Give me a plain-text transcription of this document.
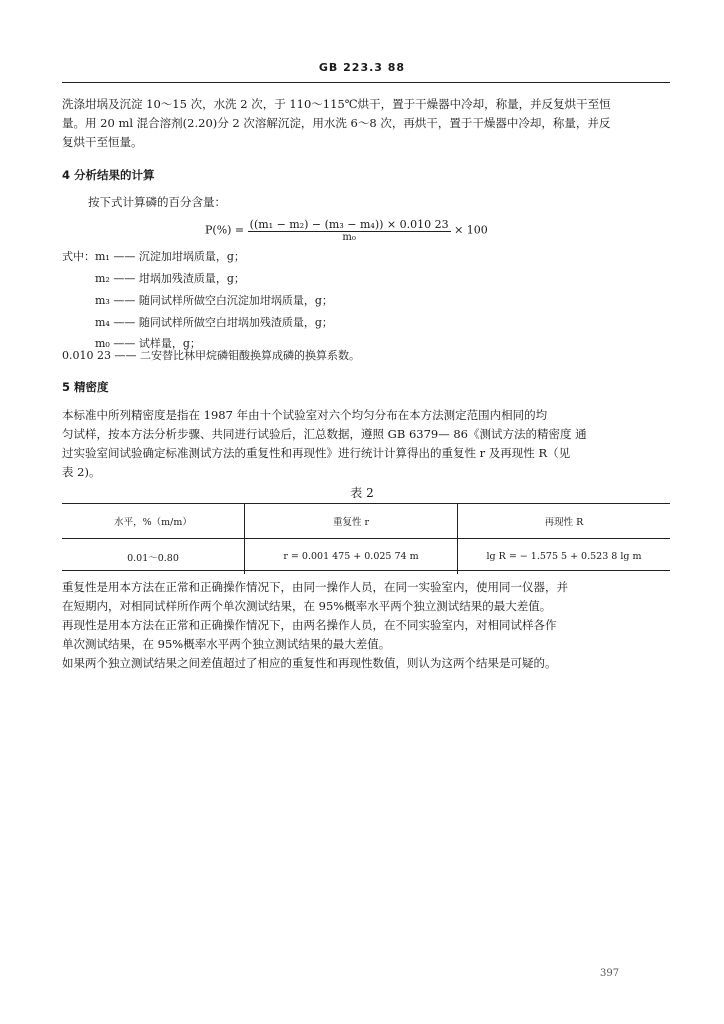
GB 223.3 88
洗涤坩埚及沉淀 10～15 次，水洗 2 次，于 110～115℃烘干，置于干燥器中冷却，称量，并反复烘干至恒
量。用 20 ml 混合溶剂(2.20)分 2 次溶解沉淀，用水洗 6～8 次，再烘干，置于干燥器中冷却，称量，并反
复烘干至恒量。
4 分析结果的计算
按下式计算磷的百分含量：
$P(\%) = \frac{\text{((m₁ − m₂) − (m₃ − m₄)) × 0.010 23}}{\text{m₀}} \times 100$
式中：m₁ —— 沉淀加坩埚质量，g；
m₂ —— 坩埚加残渣质量，g；
m₃ —— 随同试样所做空白沉淀加坩埚质量，g；
m₄ —— 随同试样所做空白坩埚加残渣质量，g；
m₀ —— 试样量，g；
0.010 23 —— 二安替比林甲烷磷钼酸换算成磷的换算系数。
5 精密度
本标准中所列精密度是指在 1987 年由十个试验室对六个均匀分布在本方法测定范围内相同的均
匀试样，按本方法分析步骤、共同进行试验后，汇总数据，遵照 GB 6379— 86《测试方法的精密度 通
过实验室间试验确定标准测试方法的重复性和再现性》进行统计计算得出的重复性 r 及再现性 R（见
表 2)。
表 2
水平，%（m/m）	重复性 r	再现性 R
0.01～0.80	r = 0.001 475 + 0.025 74 m	lg R = − 1.575 5 + 0.523 8 lg m
重复性是用本方法在正常和正确操作情况下，由同一操作人员，在同一实验室内，使用同一仪器，并
在短期内，对相同试样所作两个单次测试结果，在 95%概率水平两个独立测试结果的最大差值。
再现性是用本方法在正常和正确操作情况下，由两名操作人员，在不同实验室内，对相同试样各作
单次测试结果，在 95%概率水平两个独立测试结果的最大差值。
如果两个独立测试结果之间差值超过了相应的重复性和再现性数值，则认为这两个结果是可疑的。
397
